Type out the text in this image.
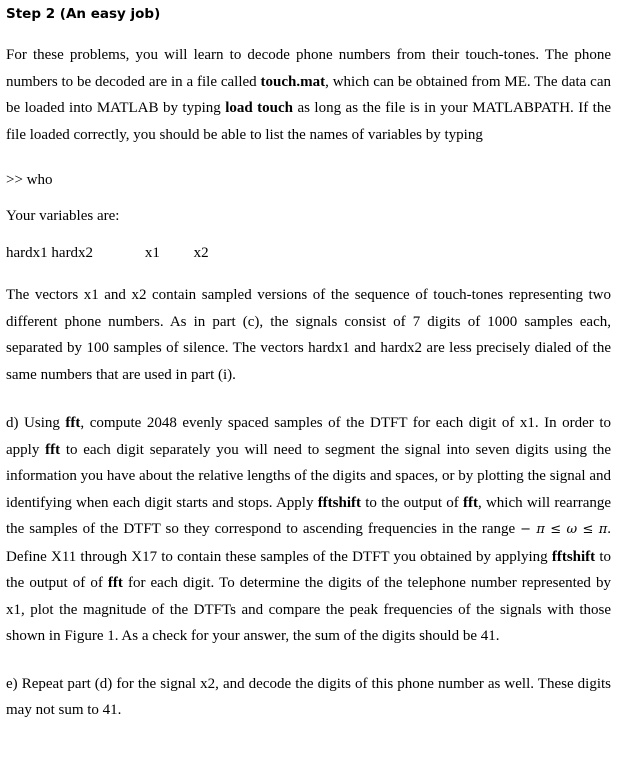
Step 2 (An easy job)

For these problems, you will learn to decode phone numbers from their touch-tones. The phone numbers to be decoded are in a file called touch.mat, which can be obtained from ME. The data can be loaded into MATLAB by typing load touch as long as the file is in your MATLABPATH. If the file loaded correctly, you should be able to list the names of variables by typing

>> who

Your variables are:

hardx1 hardx2	x1 x2

The vectors x1 and x2 contain sampled versions of the sequence of touch-tones representing two different phone numbers. As in part (c), the signals consist of 7 digits of 1000 samples each, separated by 100 samples of silence. The vectors hardx1 and hardx2 are less precisely dialed of the same numbers that are used in part (i).

d) Using fft, compute 2048 evenly spaced samples of the DTFT for each digit of x1. In order to apply fft to each digit separately you will need to segment the signal into seven digits using the information you have about the relative lengths of the digits and spaces, or by plotting the signal and identifying when each digit starts and stops. Apply fftshift to the output of fft, which will rearrange the samples of the DTFT so they correspond to ascending frequencies in the range − π ≤ ω ≤ π. Define X11 through X17 to contain these samples of the DTFT you obtained by applying fftshift to the output of of fft for each digit. To determine the digits of the telephone number represented by x1, plot the magnitude of the DTFTs and compare the peak frequencies of the signals with those shown in Figure 1. As a check for your answer, the sum of the digits should be 41.

e) Repeat part (d) for the signal x2, and decode the digits of this phone number as well. These digits may not sum to 41.
